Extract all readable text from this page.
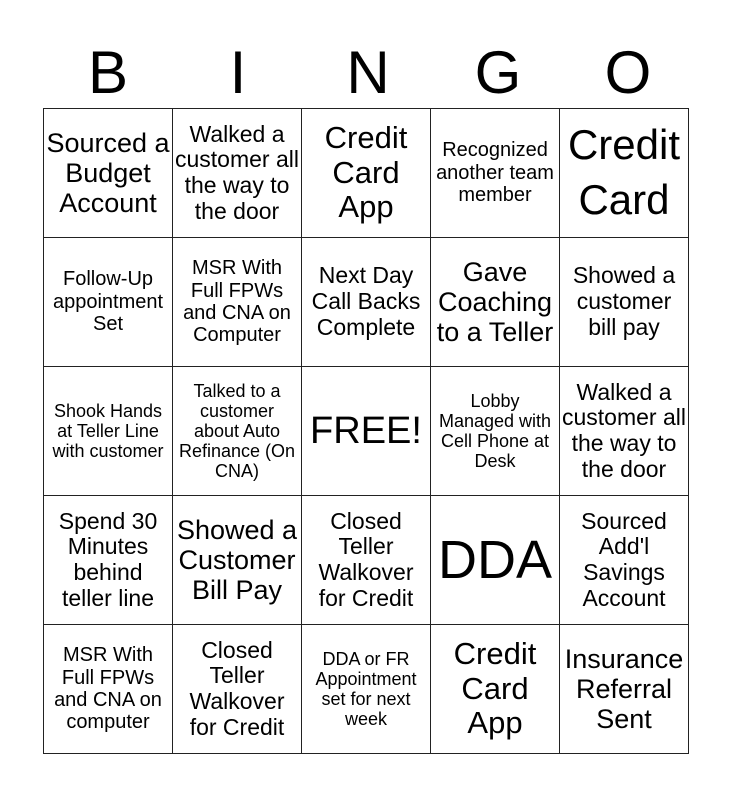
B	I	N	G	O
Sourced a Budget Account	Walked a customer all the way to the door	Credit Card App	Recognized another team member	Credit Card
Follow-Up appointment Set	MSR With Full FPWs and CNA on Computer	Next Day Call Backs Complete	Gave Coaching to a Teller	Showed a customer bill pay
Shook Hands at Teller Line with customer	Talked to a customer about Auto Refinance (On CNA)	FREE!	Lobby Managed with Cell Phone at Desk	Walked a customer all the way to the door
Spend 30 Minutes behind teller line	Showed a Customer Bill Pay	Closed Teller Walkover for Credit	DDA	Sourced Add'l Savings Account
MSR With Full FPWs and CNA on computer	Closed Teller Walkover for Credit	DDA or FR Appointment set for next week	Credit Card App	Insurance Referral Sent
